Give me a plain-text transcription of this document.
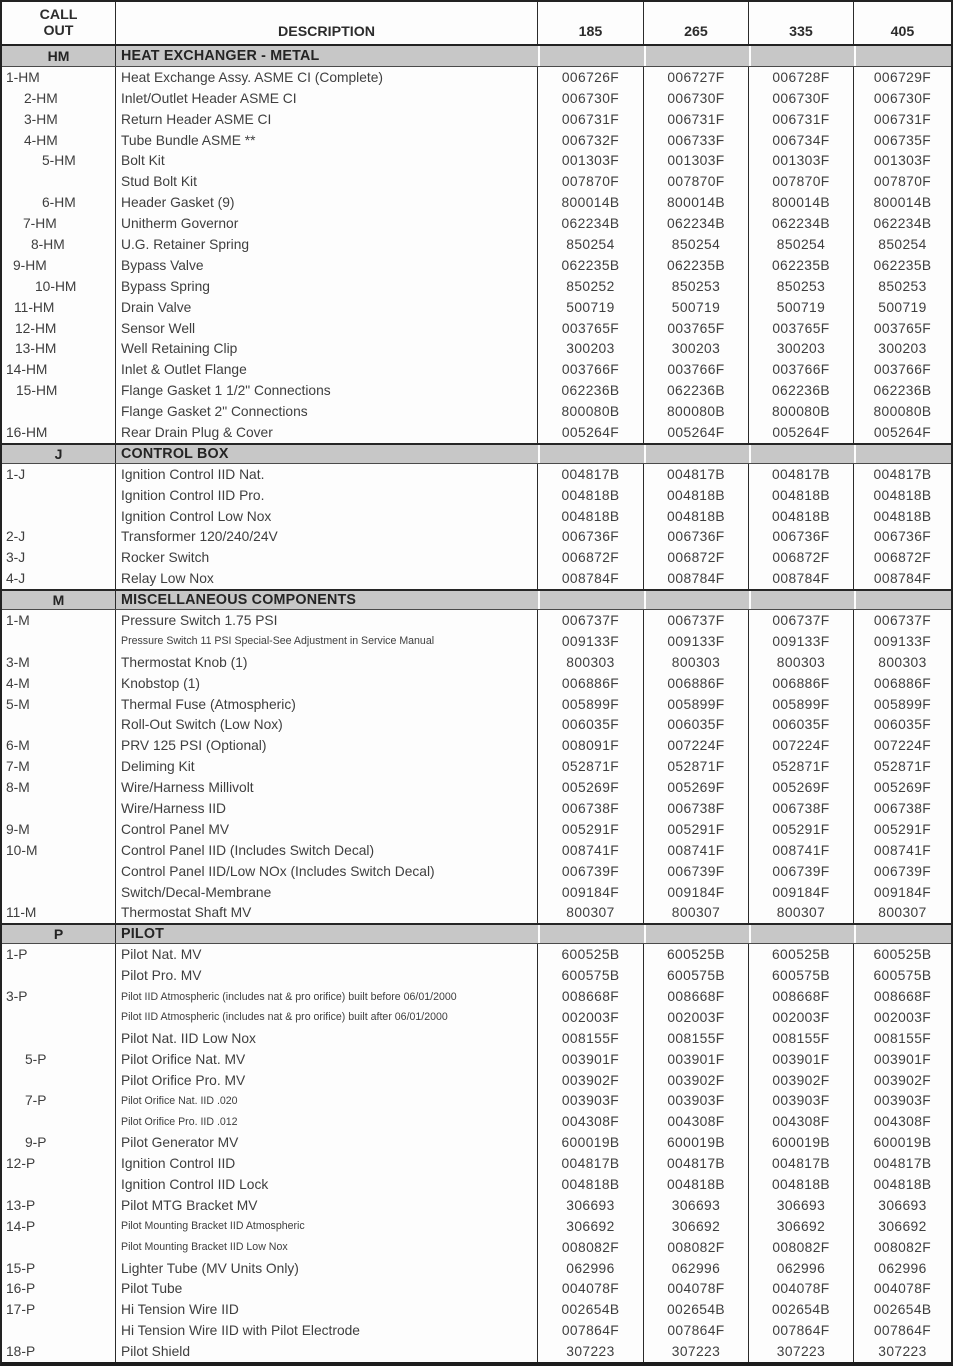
CALL
OUT	DESCRIPTION	185	265	335	405
HM	HEAT EXCHANGER - METAL
1-HM	Heat Exchange Assy. ASME CI (Complete)	006726F	006727F	006728F	006729F
2-HM	Inlet/Outlet Header ASME CI	006730F	006730F	006730F	006730F
3-HM	Return Header ASME CI	006731F	006731F	006731F	006731F
4-HM	Tube Bundle ASME **	006732F	006733F	006734F	006735F
5-HM	Bolt Kit	001303F	001303F	001303F	001303F
Stud Bolt Kit	007870F	007870F	007870F	007870F
6-HM	Header Gasket (9)	800014B	800014B	800014B	800014B
7-HM	Unitherm Governor	062234B	062234B	062234B	062234B
8-HM	U.G. Retainer Spring	850254	850254	850254	850254
9-HM	Bypass Valve	062235B	062235B	062235B	062235B
10-HM	Bypass Spring	850252	850253	850253	850253
11-HM	Drain Valve	500719	500719	500719	500719
12-HM	Sensor Well	003765F	003765F	003765F	003765F
13-HM	Well Retaining Clip	300203	300203	300203	300203
14-HM	Inlet & Outlet Flange	003766F	003766F	003766F	003766F
15-HM	Flange Gasket 1 1/2" Connections	062236B	062236B	062236B	062236B
Flange Gasket 2" Connections	800080B	800080B	800080B	800080B
16-HM	Rear Drain Plug & Cover	005264F	005264F	005264F	005264F
J	CONTROL BOX
1-J	Ignition Control IID Nat.	004817B	004817B	004817B	004817B
Ignition Control IID Pro.	004818B	004818B	004818B	004818B
Ignition Control Low Nox	004818B	004818B	004818B	004818B
2-J	Transformer 120/240/24V	006736F	006736F	006736F	006736F
3-J	Rocker Switch	006872F	006872F	006872F	006872F
4-J	Relay Low Nox	008784F	008784F	008784F	008784F
M	MISCELLANEOUS COMPONENTS
1-M	Pressure Switch 1.75 PSI	006737F	006737F	006737F	006737F
Pressure Switch 11 PSI Special-See Adjustment in Service Manual	009133F	009133F	009133F	009133F
3-M	Thermostat Knob (1)	800303	800303	800303	800303
4-M	Knobstop (1)	006886F	006886F	006886F	006886F
5-M	Thermal Fuse (Atmospheric)	005899F	005899F	005899F	005899F
Roll-Out Switch (Low Nox)	006035F	006035F	006035F	006035F
6-M	PRV 125 PSI (Optional)	008091F	007224F	007224F	007224F
7-M	Deliming Kit	052871F	052871F	052871F	052871F
8-M	Wire/Harness Millivolt	005269F	005269F	005269F	005269F
Wire/Harness IID	006738F	006738F	006738F	006738F
9-M	Control Panel MV	005291F	005291F	005291F	005291F
10-M	Control Panel IID (Includes Switch Decal)	008741F	008741F	008741F	008741F
Control Panel IID/Low NOx (Includes Switch Decal)	006739F	006739F	006739F	006739F
Switch/Decal-Membrane	009184F	009184F	009184F	009184F
11-M	Thermostat Shaft MV	800307	800307	800307	800307
P	PILOT
1-P	Pilot Nat. MV	600525B	600525B	600525B	600525B
Pilot Pro. MV	600575B	600575B	600575B	600575B
3-P	Pilot IID Atmospheric (includes nat & pro orifice) built before 06/01/2000	008668F	008668F	008668F	008668F
Pilot IID Atmospheric (includes nat & pro orifice) built after 06/01/2000	002003F	002003F	002003F	002003F
Pilot Nat. IID Low Nox	008155F	008155F	008155F	008155F
5-P	Pilot Orifice Nat. MV	003901F	003901F	003901F	003901F
Pilot Orifice Pro. MV	003902F	003902F	003902F	003902F
7-P	Pilot Orifice Nat. IID .020	003903F	003903F	003903F	003903F
Pilot Orifice Pro. IID .012	004308F	004308F	004308F	004308F
9-P	Pilot Generator MV	600019B	600019B	600019B	600019B
12-P	Ignition Control IID	004817B	004817B	004817B	004817B
Ignition Control IID Lock	004818B	004818B	004818B	004818B
13-P	Pilot MTG Bracket MV	306693	306693	306693	306693
14-P	Pilot Mounting Bracket IID Atmospheric	306692	306692	306692	306692
Pilot Mounting Bracket IID Low Nox	008082F	008082F	008082F	008082F
15-P	Lighter Tube (MV Units Only)	062996	062996	062996	062996
16-P	Pilot Tube	004078F	004078F	004078F	004078F
17-P	Hi Tension Wire IID	002654B	002654B	002654B	002654B
Hi Tension Wire IID with Pilot Electrode	007864F	007864F	007864F	007864F
18-P	Pilot Shield	307223	307223	307223	307223
